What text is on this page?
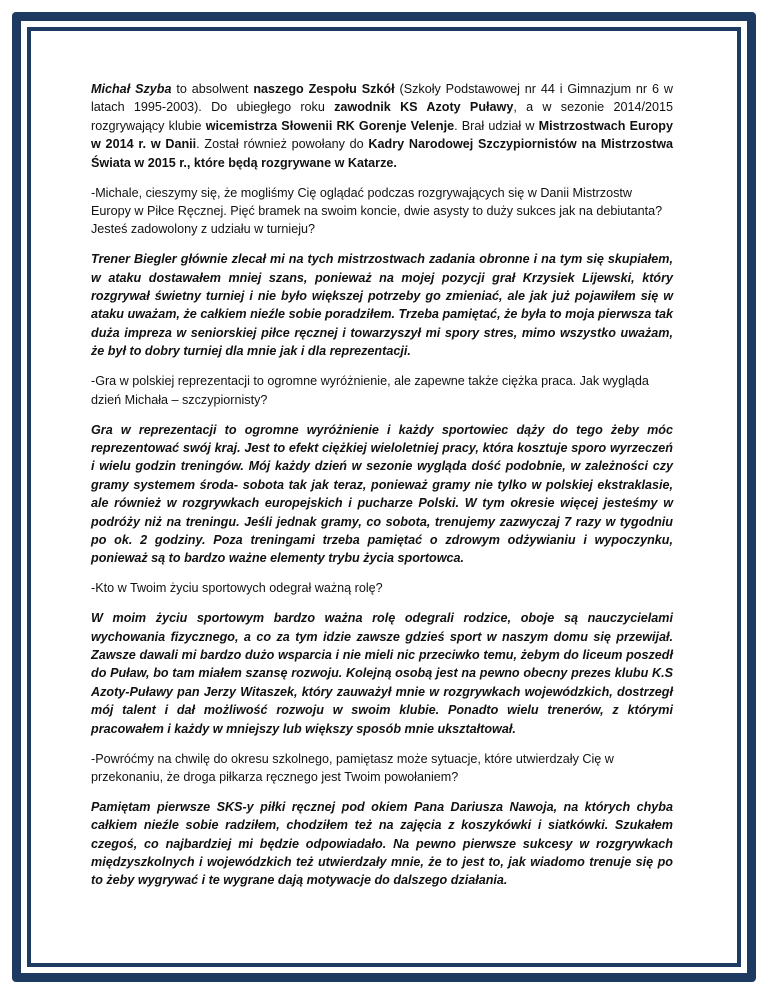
Michał Szyba to absolwent naszego Zespołu Szkół (Szkoły Podstawowej nr 44 i Gimnazjum nr 6 w latach 1995-2003). Do ubiegłego roku zawodnik KS Azoty Puławy, a w sezonie 2014/2015 rozgrywający klubie wicemistrza Słowenii RK Gorenje Velenje. Brał udział w Mistrzostwach Europy w 2014 r. w Danii. Został również powołany do Kadry Narodowej Szczypiornistów na Mistrzostwa Świata w 2015 r., które będą rozgrywane w Katarze.

-Michale, cieszymy się, że mogliśmy Cię oglądać podczas rozgrywających się w Danii Mistrzostw Europy w Piłce Ręcznej. Pięć bramek na swoim koncie, dwie asysty to duży sukces jak na debiutanta? Jesteś zadowolony z udziału w turnieju?

Trener Biegler głównie zlecał mi na tych mistrzostwach zadania obronne i na tym się skupiałem, w ataku dostawałem mniej szans, ponieważ na mojej pozycji grał Krzysiek Lijewski, który rozgrywał świetny turniej i nie było większej potrzeby go zmieniać, ale jak już pojawiłem się w ataku uważam, że całkiem nieźle sobie poradziłem. Trzeba pamiętać, że była to moja pierwsza tak duża impreza w seniorskiej piłce ręcznej i towarzyszył mi spory stres, mimo wszystko uważam, że był to dobry turniej dla mnie jak i dla reprezentacji.

-Gra w polskiej reprezentacji to ogromne wyróżnienie, ale zapewne także ciężka praca. Jak wygląda dzień Michała – szczypiornisty?

Gra w reprezentacji to ogromne wyróżnienie i każdy sportowiec dąży do tego żeby móc reprezentować swój kraj. Jest to efekt ciężkiej wieloletniej pracy, która kosztuje sporo wyrzeczeń i wielu godzin treningów. Mój każdy dzień w sezonie wygląda dość podobnie, w zależności czy gramy systemem środa- sobota tak jak teraz, ponieważ gramy nie tylko w polskiej ekstraklasie, ale również w rozgrywkach europejskich i pucharze Polski. W tym okresie więcej jesteśmy w podróży niż na treningu. Jeśli jednak gramy, co sobota, trenujemy zazwyczaj 7 razy w tygodniu po ok. 2 godziny. Poza treningami trzeba pamiętać o zdrowym odżywianiu i wypoczynku, ponieważ są to bardzo ważne elementy trybu życia sportowca.

-Kto w Twoim życiu sportowych odegrał ważną rolę?

W moim życiu sportowym bardzo ważna rolę odegrali rodzice, oboje są nauczycielami wychowania fizycznego, a co za tym idzie zawsze gdzieś sport w naszym domu się przewijał. Zawsze dawali mi bardzo dużo wsparcia i nie mieli nic przeciwko temu, żebym do liceum poszedł do Puław, bo tam miałem szansę rozwoju. Kolejną osobą jest na pewno obecny prezes klubu K.S Azoty-Puławy pan Jerzy Witaszek, który zauważył mnie w rozgrywkach wojewódzkich, dostrzegł mój talent i dał możliwość rozwoju w swoim klubie. Ponadto wielu trenerów, z którymi pracowałem i każdy w mniejszy lub większy sposób mnie ukształtował.

-Powróćmy na chwilę do okresu szkolnego, pamiętasz może sytuacje, które utwierdzały Cię w przekonaniu, że droga piłkarza ręcznego jest Twoim powołaniem?

Pamiętam pierwsze SKS-y piłki ręcznej pod okiem Pana Dariusza Nawoja, na których chyba całkiem nieźle sobie radziłem, chodziłem też na zajęcia z koszykówki i siatkówki. Szukałem czegoś, co najbardziej mi będzie odpowiadało. Na pewno pierwsze sukcesy w rozgrywkach międzyszkolnych i wojewódzkich też utwierdzały mnie, że to jest to, jak wiadomo trenuje się po to żeby wygrywać i te wygrane dają motywacje do dalszego działania.
